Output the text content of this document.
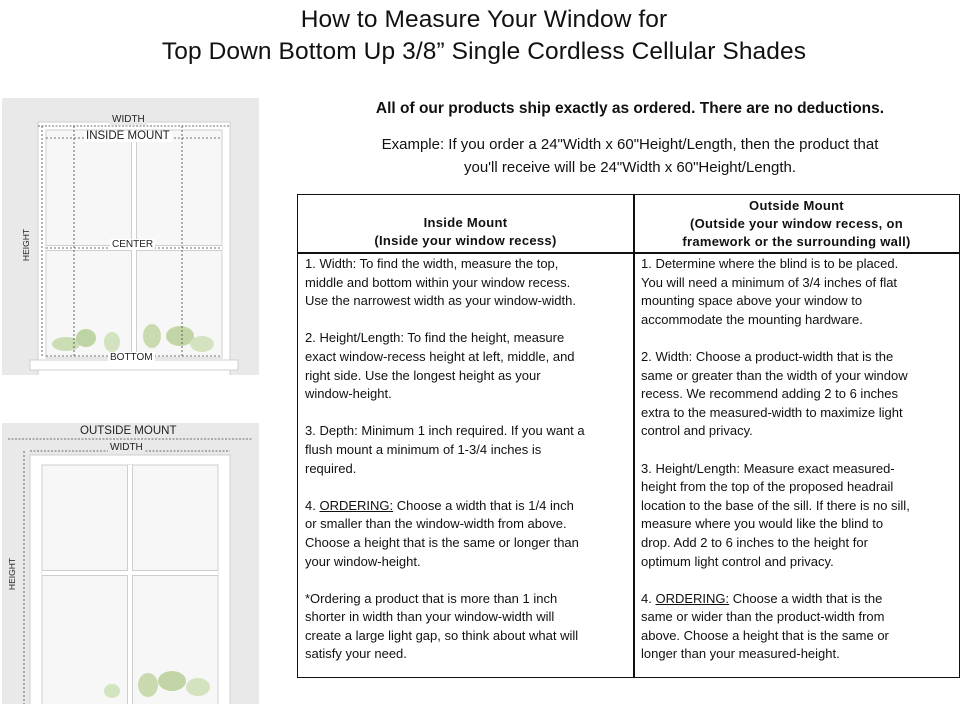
How to Measure Your Window for
Top Down Bottom Up 3/8” Single Cordless Cellular Shades
WIDTH
INSIDE MOUNT
CENTER
BOTTOM
HEIGHT
OUTSIDE MOUNT
WIDTH
HEIGHT
All of our products ship exactly as ordered. There are no deductions.
Example: If you order a 24"Width x 60"Height/Length, then the product that
you'll receive will be 24"Width x 60"Height/Length.
Inside Mount
(Inside your window recess)
Outside Mount
(Outside your window recess, on
framework or the surrounding wall)
1. Width: To find the width, measure the top,
middle and bottom within your window recess.
Use the narrowest width as your window-width.
2. Height/Length: To find the height, measure
exact window-recess height at left, middle, and
right side. Use the longest height as your
window-height.
3. Depth: Minimum 1 inch required. If you want a
flush mount a minimum of 1-3/4 inches is
required.
4. ORDERING: Choose a width that is 1/4 inch
or smaller than the window-width from above.
Choose a height that is the same or longer than
your window-height.
*Ordering a product that is more than 1 inch
shorter in width than your window-width will
create a large light gap, so think about what will
satisfy your need.
1. Determine where the blind is to be placed.
You will need a minimum of 3/4 inches of flat
mounting space above your window to
accommodate the mounting hardware.
2. Width: Choose a product-width that is the
same or greater than the width of your window
recess. We recommend adding 2 to 6 inches
extra to the measured-width to maximize light
control and privacy.
3. Height/Length: Measure exact measured-
height from the top of the proposed headrail
location to the base of the sill. If there is no sill,
measure where you would like the blind to
drop. Add 2 to 6 inches to the height for
optimum light control and privacy.
4. ORDERING: Choose a width that is the
same or wider than the product-width from
above. Choose a height that is the same or
longer than your measured-height.
